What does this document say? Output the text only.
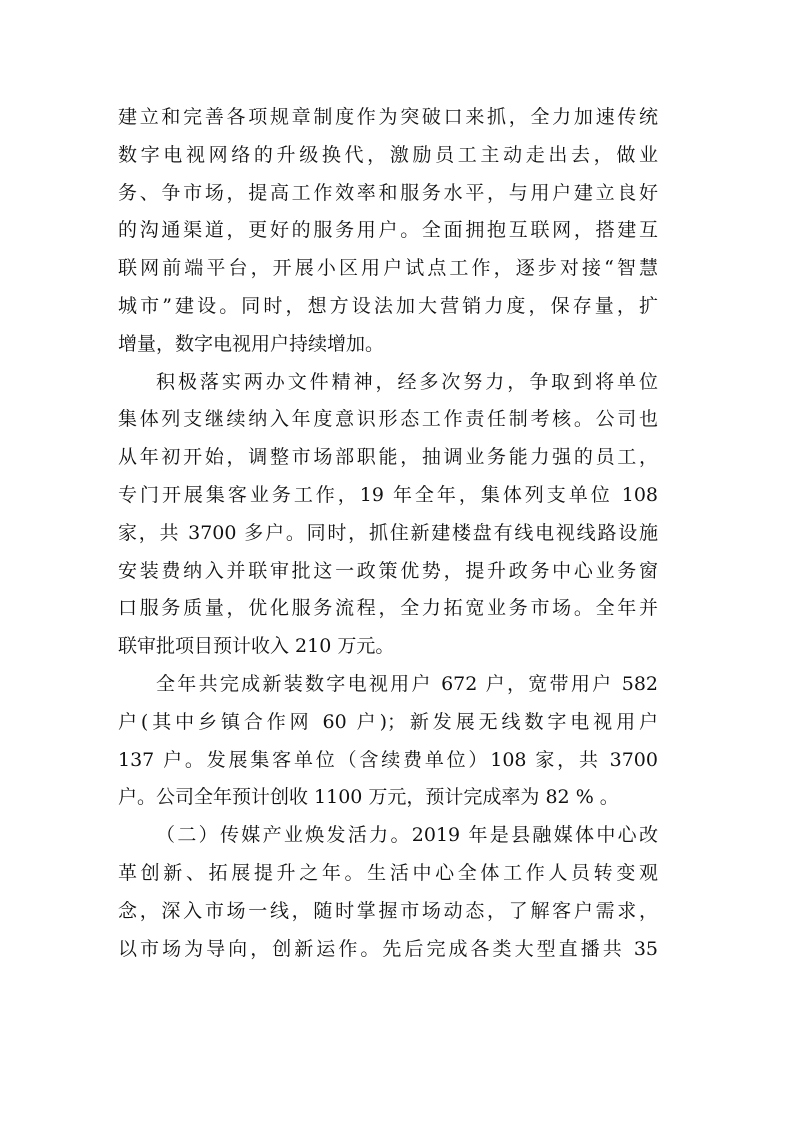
建立和完善各项规章制度作为突破口来抓，全力加速传统
数字电视网络的升级换代，激励员工主动走出去，做业
务、争市场，提高工作效率和服务水平，与用户建立良好
的沟通渠道，更好的服务用户。全面拥抱互联网，搭建互
联网前端平台，开展小区用户试点工作，逐步对接“智慧
城市”建设。同时，想方设法加大营销力度，保存量，扩
增量，数字电视用户持续增加。
积极落实两办文件精神，经多次努力，争取到将单位
集体列支继续纳入年度意识形态工作责任制考核。公司也
从年初开始，调整市场部职能，抽调业务能力强的员工，
专门开展集客业务工作，19 年全年，集体列支单位 108
家，共 3700 多户。同时，抓住新建楼盘有线电视线路设施
安装费纳入并联审批这一政策优势，提升政务中心业务窗
口服务质量，优化服务流程，全力拓宽业务市场。全年并
联审批项目预计收入 210 万元。
全年共完成新装数字电视用户 672 户，宽带用户 582
户(其中乡镇合作网 60 户)；新发展无线数字电视用户
137 户。发展集客单位（含续费单位）108 家，共 3700
户。公司全年预计创收 1100 万元，预计完成率为 82 % 。
（二）传媒产业焕发活力。2019 年是县融媒体中心改
革创新、拓展提升之年。生活中心全体工作人员转变观
念，深入市场一线，随时掌握市场动态，了解客户需求，
以市场为导向，创新运作。先后完成各类大型直播共 35
